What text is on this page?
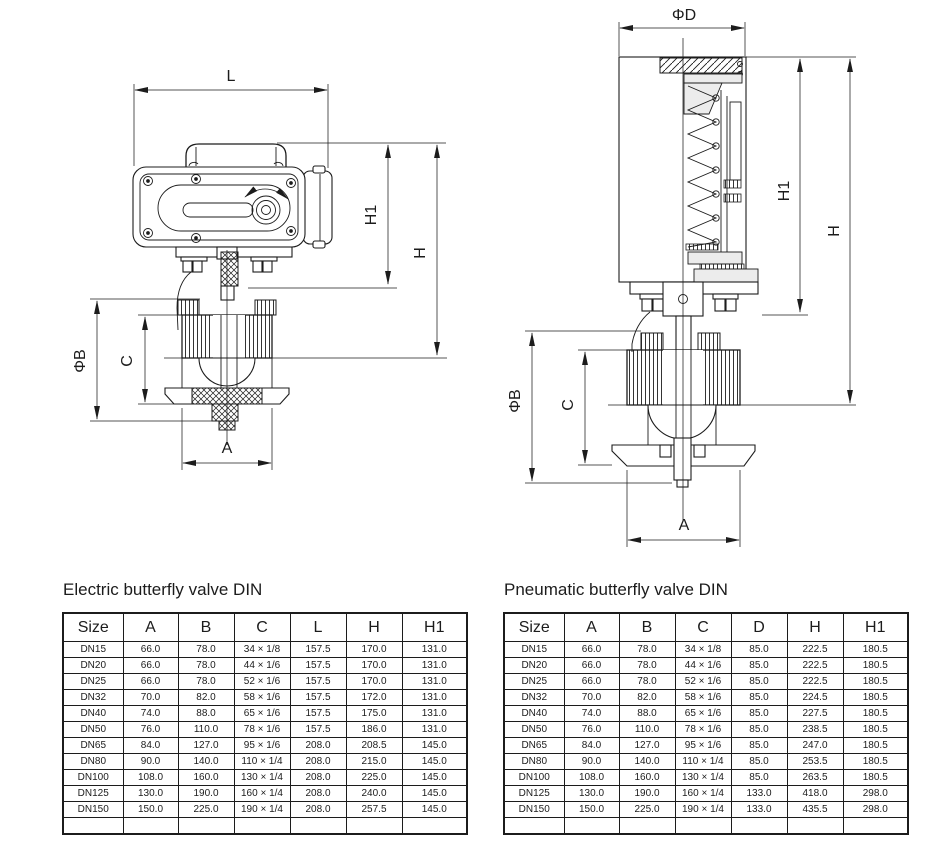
L
H1
H
ΦB C
A
ΦD
H1
H
ΦB C
A
Electric butterfly valve DIN
Size	A	B	C	L	H	H1
DN15	66.0	78.0	34 × 1/8	157.5	170.0	131.0
DN20	66.0	78.0	44 × 1/6	157.5	170.0	131.0
DN25	66.0	78.0	52 × 1/6	157.5	170.0	131.0
DN32	70.0	82.0	58 × 1/6	157.5	172.0	131.0
DN40	74.0	88.0	65 × 1/6	157.5	175.0	131.0
DN50	76.0	110.0	78 × 1/6	157.5	186.0	131.0
DN65	84.0	127.0	95 × 1/6	208.0	208.5	145.0
DN80	90.0	140.0	110 × 1/4	208.0	215.0	145.0
DN100	108.0	160.0	130 × 1/4	208.0	225.0	145.0
DN125	130.0	190.0	160 × 1/4	208.0	240.0	145.0
DN150	150.0	225.0	190 × 1/4	208.0	257.5	145.0

Pneumatic butterfly valve DIN
Size	A	B	C	D	H	H1
DN15	66.0	78.0	34 × 1/8	85.0	222.5	180.5
DN20	66.0	78.0	44 × 1/6	85.0	222.5	180.5
DN25	66.0	78.0	52 × 1/6	85.0	222.5	180.5
DN32	70.0	82.0	58 × 1/6	85.0	224.5	180.5
DN40	74.0	88.0	65 × 1/6	85.0	227.5	180.5
DN50	76.0	110.0	78 × 1/6	85.0	238.5	180.5
DN65	84.0	127.0	95 × 1/6	85.0	247.0	180.5
DN80	90.0	140.0	110 × 1/4	85.0	253.5	180.5
DN100	108.0	160.0	130 × 1/4	85.0	263.5	180.5
DN125	130.0	190.0	160 × 1/4	133.0	418.0	298.0
DN150	150.0	225.0	190 × 1/4	133.0	435.5	298.0
